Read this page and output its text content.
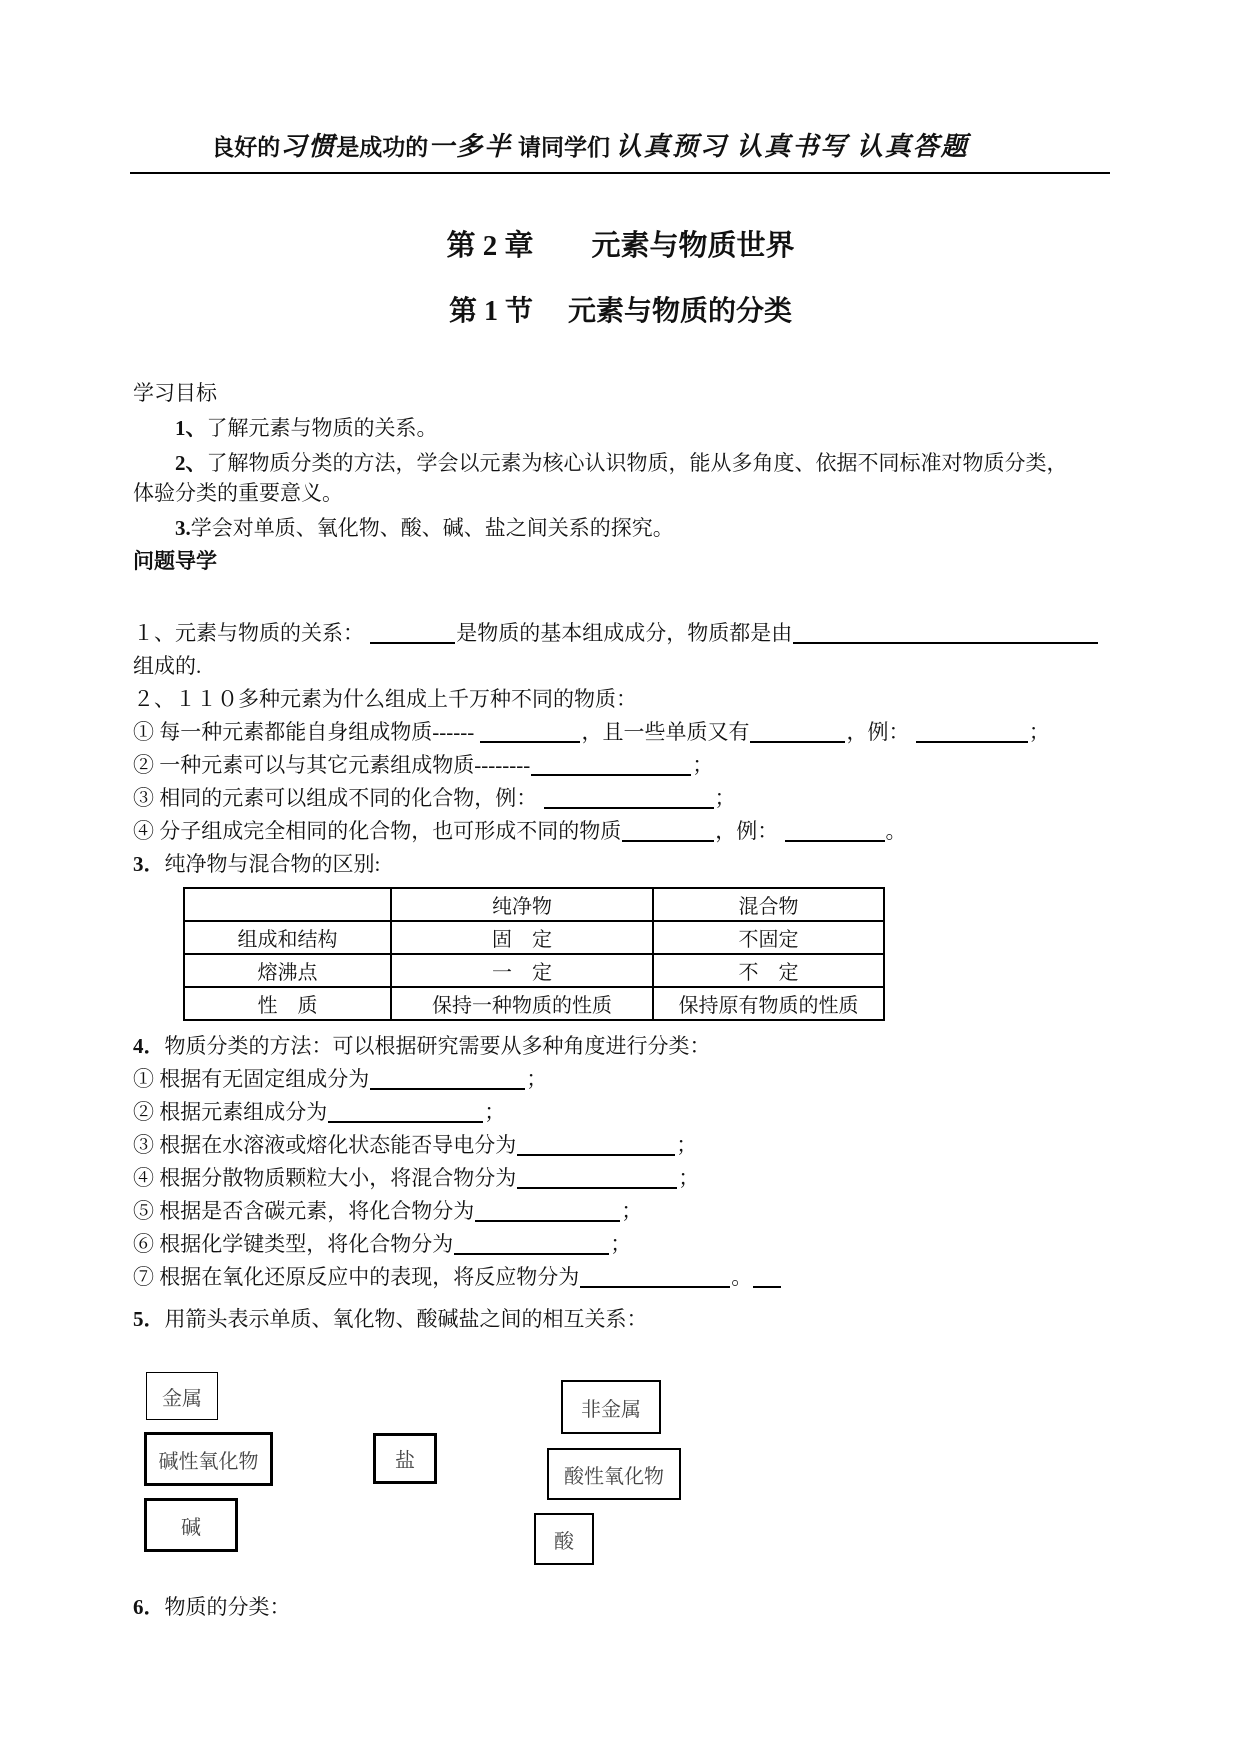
良好的习惯是成功的一多半 请同学们 认真预习 认真书写 认真答题
第 2 章　　元素与物质世界
第 1 节　 元素与物质的分类
学习目标
1、了解元素与物质的关系。
2、了解物质分类的方法，学会以元素为核心认识物质，能从多角度、依据不同标准对物质分类，
体验分类的重要意义。
3.学会对单质、氧化物、酸、碱、盐之间关系的探究。
问题导学
１、元素与物质的关系：	是物质的基本组成成分，物质都是由
组成的.
２、１１０多种元素为什么组成上千万种不同的物质：
① 每一种元素都能自身组成物质------	，且一些单质又有	，例：	；
② 一种元素可以与其它元素组成物质--------	；
③ 相同的元素可以组成不同的化合物，例：	；
④ 分子组成完全相同的化合物，也可形成不同的物质	，例：	。
3．纯净物与混合物的区别:
	纯净物	混合物
组成和结构	固　定	不固定
熔沸点	一　定	不　定
性　质	保持一种物质的性质	保持原有物质的性质
4．物质分类的方法：可以根据研究需要从多种角度进行分类：
① 根据有无固定组成分为	；
② 根据元素组成分为	；
③ 根据在水溶液或熔化状态能否导电分为	；
④ 根据分散物质颗粒大小，将混合物分为	；
⑤ 根据是否含碳元素，将化合物分为	；
⑥ 根据化学键类型，将化合物分为	；
⑦ 根据在氧化还原反应中的表现，将反应物分为	。
5．用箭头表示单质、氧化物、酸碱盐之间的相互关系：
金属	非金属
碱性氧化物	盐
酸性氧化物
碱
酸
6．物质的分类：
